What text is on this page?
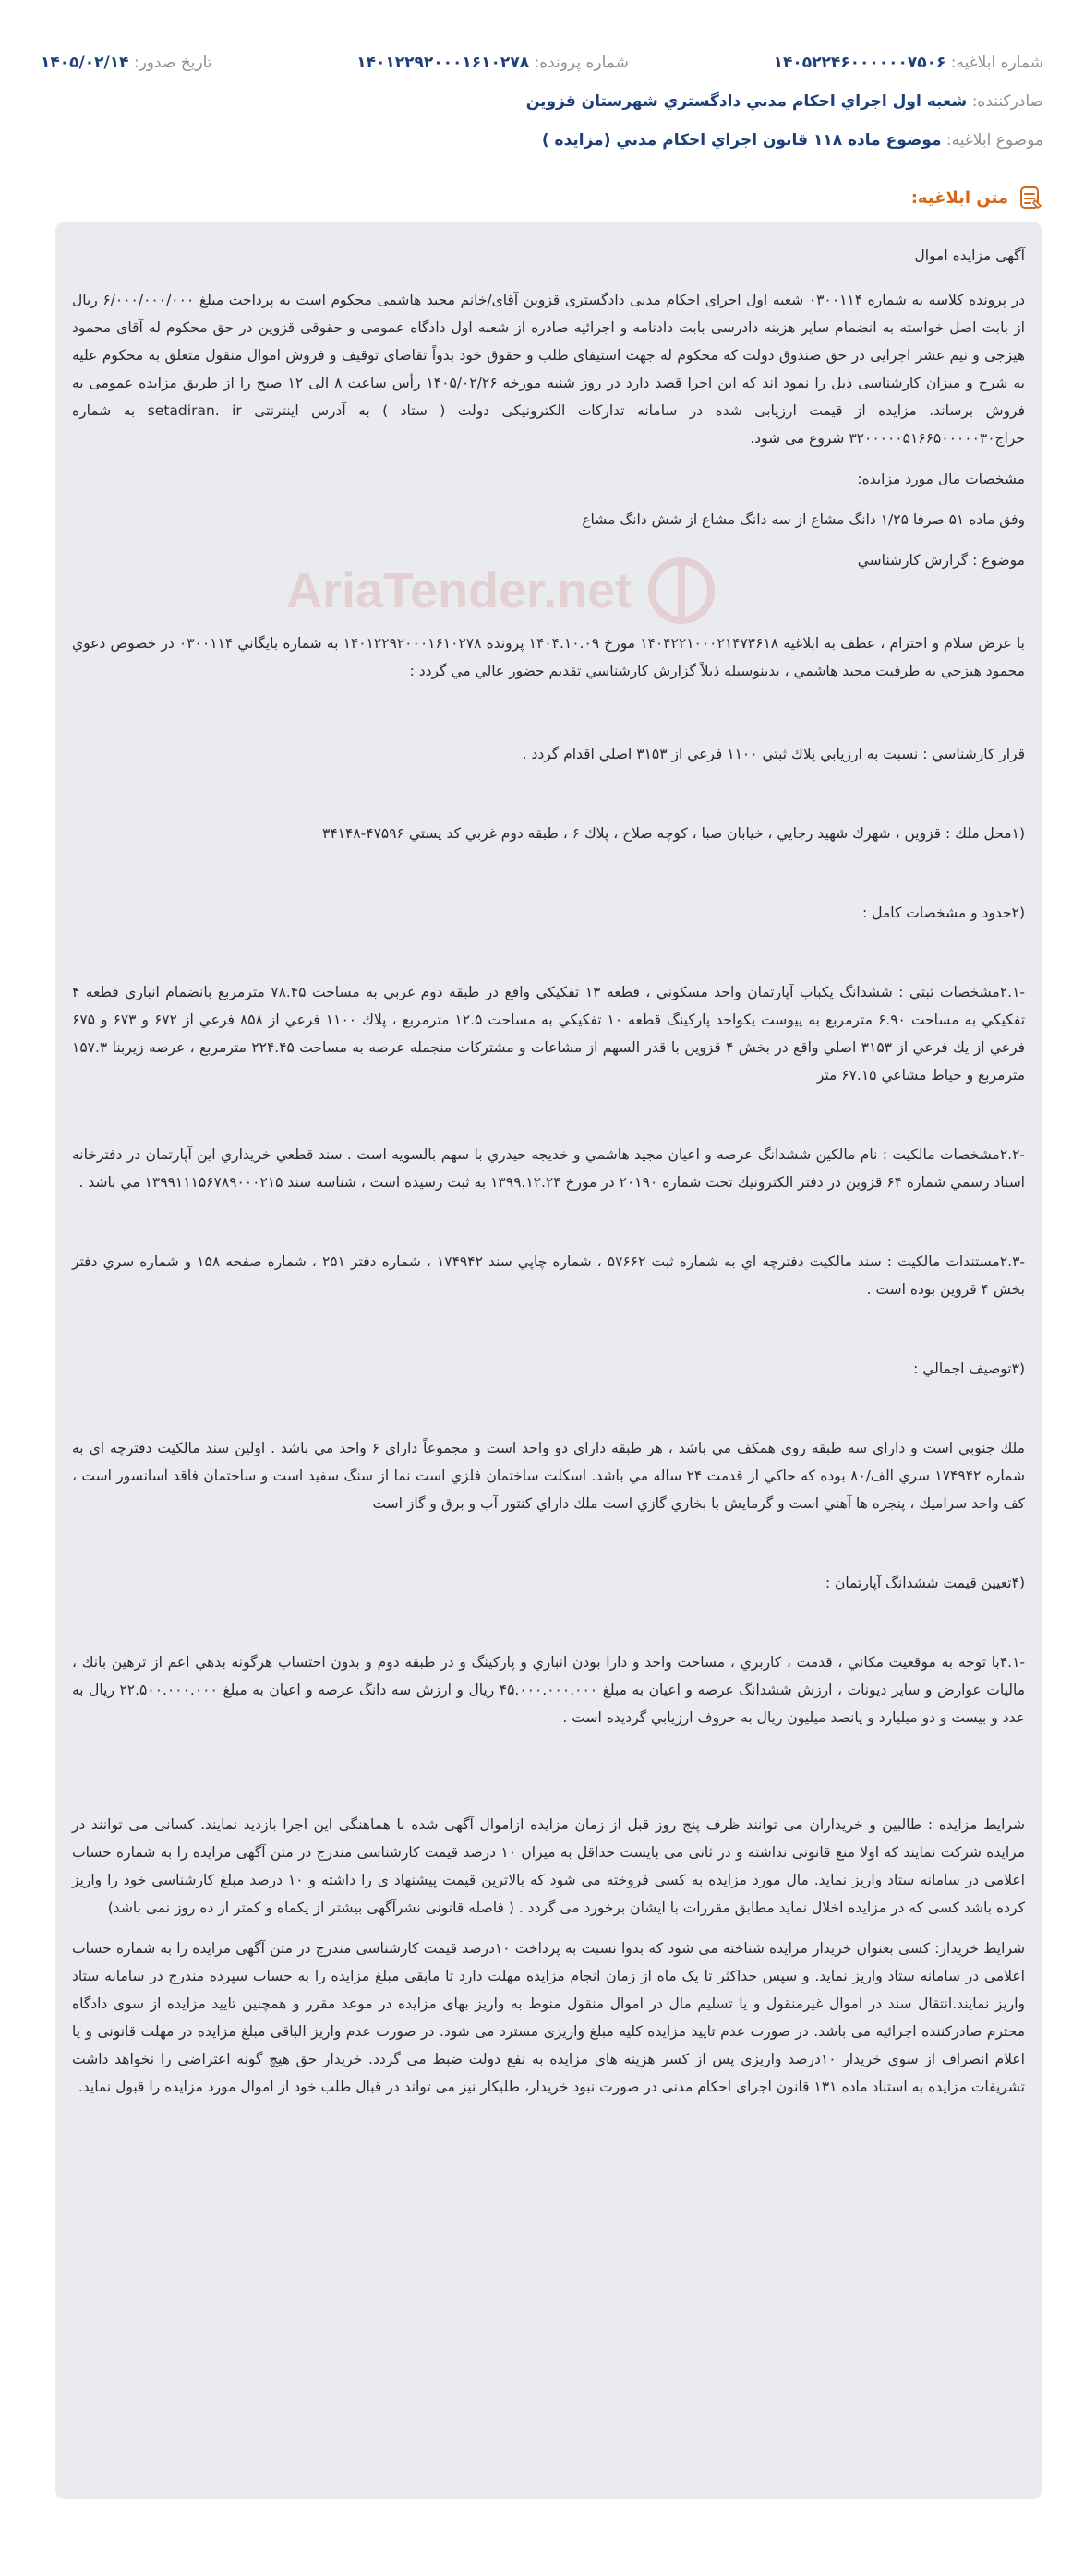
شماره ابلاغیه: ۱۴۰۵۲۲۴۶۰۰۰۰۰۰۷۵۰۶
شماره پرونده: ۱۴۰۱۲۲۹۲۰۰۰۱۶۱۰۲۷۸
تاریخ صدور: ۱۴۰۵/۰۲/۱۴
صادرکننده: شعبه اول اجراي احكام مدني دادگستري شهرستان قزوين
موضوع ابلاغیه: موضوع ماده ۱۱۸ قانون اجراي احكام مدني (مزايده )
متن ابلاغیه:
AriaTender.net

آگهی مزایده اموال

در پرونده کلاسه به شماره ۰۳۰۰۱۱۴ شعبه اول اجرای احکام مدنی دادگستری قزوین آقای/خانم مجید هاشمی محکوم است به پرداخت مبلغ ۶/۰۰۰/۰۰۰/۰۰۰ ریال از بابت اصل خواسته به انضمام سایر هزینه دادرسی بابت دادنامه و اجرائیه صادره از شعبه اول دادگاه عمومی و حقوقی قزوین در حق محکوم له آقای محمود هیزجی و نیم عشر اجرایی در حق صندوق دولت که محکوم له جهت استیفای طلب و حقوق خود بدواً تقاضای توقیف و فروش اموال منقول متعلق به محکوم علیه به شرح و میزان کارشناسی ذیل را نمود اند که این اجرا قصد دارد در روز شنبه مورخه ۱۴۰۵/۰۲/۲۶ رأس ساعت ۸ الی ۱۲ صبح را از طریق مزایده عمومی به فروش برساند. مزایده از قیمت ارزیابی شده در سامانه تدارکات الکترونیکی دولت ( ستاد ) به آدرس اینترنتی setadiran. ir به شماره حراج۳۲۰۰۰۰۰۵۱۶۶۵۰۰۰۰۰۳۰ شروع می شود.

مشخصات مال مورد مزایده:

وفق ماده ۵۱ صرفا ۱/۲۵ دانگ مشاع از سه دانگ مشاع از شش دانگ مشاع

موضوع : گزارش كارشناسي

با عرض سلام و احترام ، عطف به ابلاغيه ۱۴۰۴۲۲۱۰۰۰۲۱۴۷۳۶۱۸ مورخ ۱۴۰۴.۱۰.۰۹ پرونده ۱۴۰۱۲۲۹۲۰۰۰۱۶۱۰۲۷۸ به شماره بايگاني ۰۳۰۰۱۱۴ در خصوص دعوي محمود هيزجي به طرفيت مجيد هاشمي ، بدينوسيله ذيلاً گزارش كارشناسي تقديم حضور عالي مي گردد :

قرار كارشناسي : نسبت به ارزيابي پلاك ثبتي ۱۱۰۰ فرعي از ۳۱۵۳ اصلي اقدام گردد .

(۱محل ملك : قزوين ، شهرك شهيد رجايي ، خيابان صبا ، كوچه صلاح ، پلاك ۶ ، طبقه دوم غربي كد پستي ۴۷۵۹۶-۳۴۱۴۸

(۲حدود و مشخصات كامل :

-۲.۱مشخصات ثبتي : ششدانگ يكباب آپارتمان واحد مسكوني ، قطعه ۱۳ تفكيكي واقع در طبقه دوم غربي به مساحت ۷۸.۴۵ مترمربع بانضمام انباري قطعه ۴ تفكيكي به مساحت ۶.۹۰ مترمربع به پيوست يكواحد پاركينگ قطعه ۱۰ تفكيكي به مساحت ۱۲.۵ مترمربع ، پلاك ۱۱۰۰ فرعي از ۸۵۸ فرعي از ۶۷۲ و ۶۷۳ و ۶۷۵ فرعي از يك فرعي از ۳۱۵۳ اصلي واقع در بخش ۴ قزوين با قدر السهم از مشاعات و مشتركات منجمله عرصه به مساحت ۲۲۴.۴۵ مترمربع ، عرصه زيربنا ۱۵۷.۳ مترمربع و حياط مشاعي ۶۷.۱۵ متر

-۲.۲مشخصات مالكيت : نام مالكين ششدانگ عرصه و اعيان مجيد هاشمي و خديجه حيدري با سهم بالسويه است . سند قطعي خريداري اين آپارتمان در دفترخانه اسناد رسمي شماره ۶۴ قزوين در دفتر الكترونيك تحت شماره ۲۰۱۹۰ در مورخ ۱۳۹۹.۱۲.۲۴ به ثبت رسيده است ، شناسه سند ۱۳۹۹۱۱۱۵۶۷۸۹۰۰۰۲۱۵ مي باشد .

-۲.۳مستندات مالكيت : سند مالكيت دفترچه اي به شماره ثبت ۵۷۶۶۲ ، شماره چاپي سند ۱۷۴۹۴۲ ، شماره دفتر ۲۵۱ ، شماره صفحه ۱۵۸ و شماره سري دفتر بخش ۴ قزوين بوده است .

(۳توصيف اجمالي :

ملك جنوبي است و داراي سه طبقه روي همكف مي باشد ، هر طبقه داراي دو واحد است و مجموعاً داراي ۶ واحد مي باشد . اولين سند مالكيت دفترچه اي به شماره ۱۷۴۹۴۲ سري الف/۸۰ بوده كه حاكي از قدمت ۲۴ ساله مي باشد. اسكلت ساختمان فلزي است نما از سنگ سفيد است و ساختمان فاقد آسانسور است ، كف واحد سراميك ، پنجره ها آهني است و گرمايش با بخاري گازي است ملك داراي كنتور آب و برق و گاز است

(۴تعيين قيمت ششدانگ آپارتمان :

-۴.۱با توجه به موقعيت مكاني ، قدمت ، كاربري ، مساحت واحد و دارا بودن انباري و پاركينگ و در طبقه دوم و بدون احتساب هرگونه بدهي اعم از ترهين بانك ، ماليات عوارض و ساير ديونات ، ارزش ششدانگ عرصه و اعيان به مبلغ ۴۵.۰۰۰.۰۰۰.۰۰۰ ريال و ارزش سه دانگ عرصه و اعيان به مبلغ ۲۲.۵۰۰.۰۰۰.۰۰۰ ريال به عدد و بيست و دو ميليارد و پانصد ميليون ريال به حروف ارزيابي گرديده است .

شرایط مزایده : طالبین و خریداران می توانند ظرف پنج روز قبل از زمان مزایده ازاموال آگهی شده با هماهنگی این اجرا بازدید نمایند. کسانی می توانند در مزایده شرکت نمایند که اولا منع قانونی نداشته و در ثانی می بایست حداقل به میزان ۱۰ درصد قیمت کارشناسی مندرج در متن آگهی مزایده را به شماره حساب اعلامی در سامانه ستاد واریز نماید. مال مورد مزایده به کسی فروخته می شود که بالاترین قیمت پیشنهاد ی را داشته و ۱۰ درصد مبلغ کارشناسی خود را واریز کرده باشد کسی که در مزایده اخلال نماید مطابق مقررات با ایشان برخورد می گردد . ( فاصله قانونی نشرآگهی بیشتر از یکماه و کمتر از ده روز نمی باشد)

شرایط خریدار: کسی بعنوان خریدار مزایده شناخته می شود که بدوا نسبت به پرداخت ۱۰درصد قیمت کارشناسی مندرج در متن آگهی مزایده را به شماره حساب اعلامی در سامانه ستاد واریز نماید. و سپس حداکثر تا یک ماه از زمان انجام مزایده مهلت دارد تا مابقی مبلغ مزایده را به حساب سپرده مندرج در سامانه ستاد واریز نمایند.انتقال سند در اموال غیرمنقول و یا تسلیم مال در اموال منقول منوط به واریز بهای مزایده در موعد مقرر و همچنین تایید مزایده از سوی دادگاه محترم صادرکننده اجرائیه می باشد. در صورت عدم تایید مزایده کلیه مبلغ واریزی مسترد می شود. در صورت عدم واریز الباقی مبلغ مزایده در مهلت قانونی و یا اعلام انصراف از سوی خریدار ۱۰درصد واریزی پس از کسر هزینه های مزایده به نفع دولت ضبط می گردد. خریدار حق هیچ گونه اعتراضی را نخواهد داشت تشریفات مزایده به استناد ماده ۱۳۱ قانون اجرای احکام مدنی در صورت نبود خریدار، طلبکار نیز می تواند در قبال طلب خود از اموال مورد مزایده را قبول نماید.
